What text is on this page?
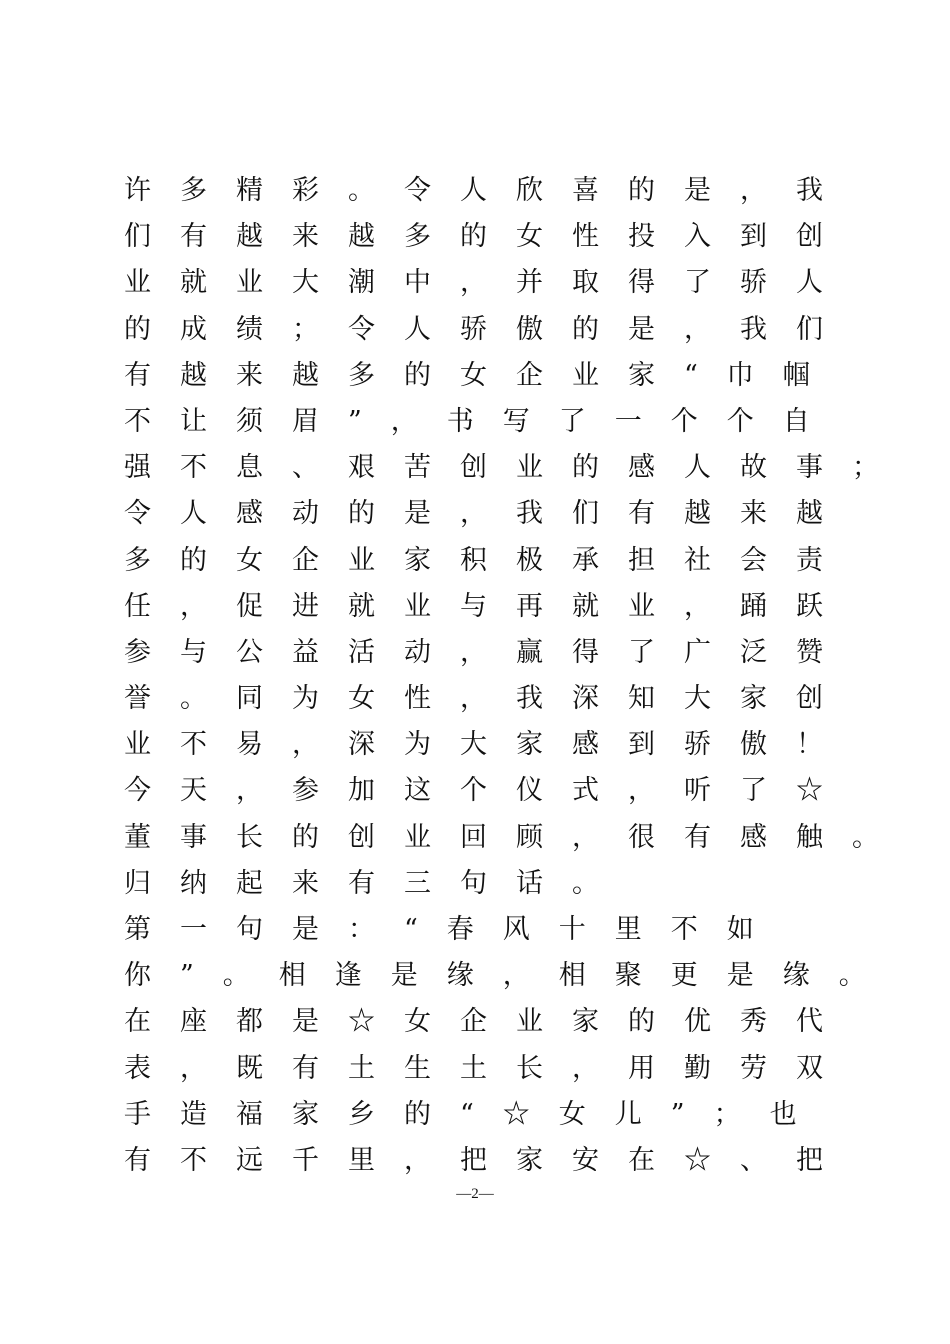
许多精彩。令人欣喜的是，我
们有越来越多的女性投入到创
业就业大潮中，并取得了骄人
的成绩；令人骄傲的是，我们
有越来越多的女企业家“巾帼
不让须眉”，书写了一个个自
强不息、艰苦创业的感人故事；
令人感动的是，我们有越来越
多的女企业家积极承担社会责
任，促进就业与再就业，踊跃
参与公益活动，赢得了广泛赞
誉。同为女性，我深知大家创
业不易，深为大家感到骄傲！
今天，参加这个仪式，听了☆
董事长的创业回顾，很有感触。
归纳起来有三句话。
第一句是：“春风十里不如
你”。相逢是缘，相聚更是缘。
在座都是☆女企业家的优秀代
表，既有土生土长，用勤劳双
手造福家乡的“☆女儿”；也
有不远千里，把家安在☆、把
—2—
